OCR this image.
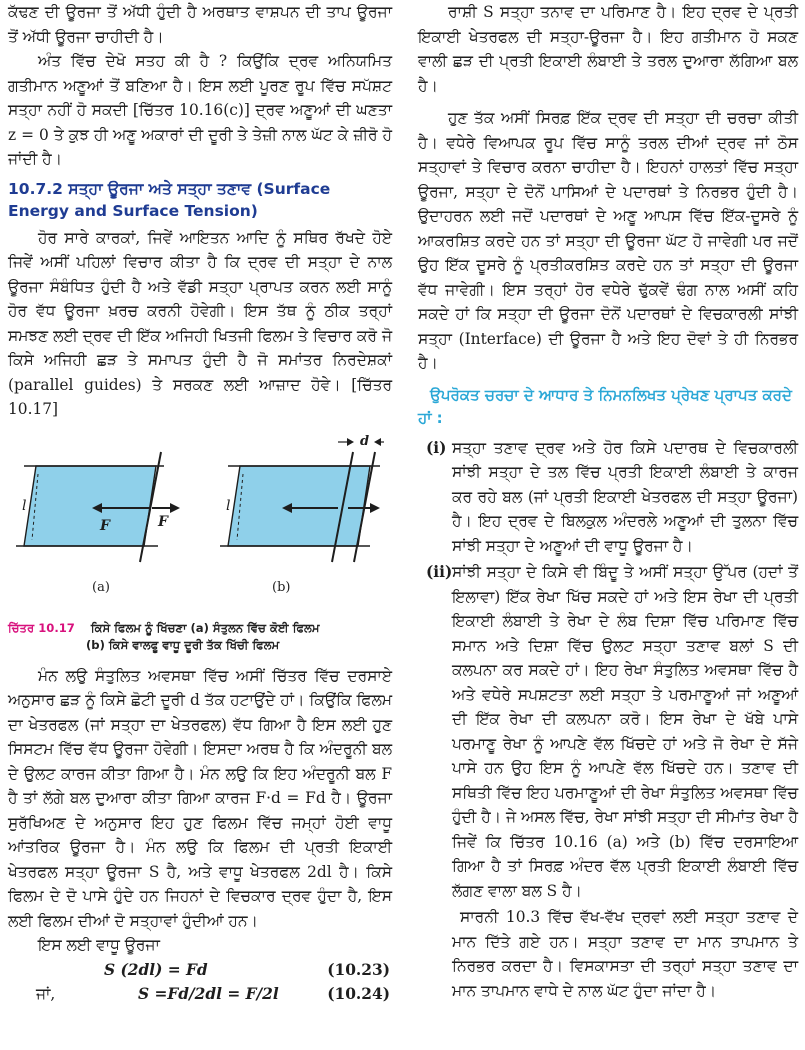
ਕੱਢਣ ਦੀ ਊਰਜਾ ਤੋਂ ਅੱਧੀ ਹੁੰਦੀ ਹੈ ਅਰਥਾਤ ਵਾਸ਼ਪਨ ਦੀ ਤਾਪ ਊਰਜਾ ਤੋਂ ਅੱਧੀ ਊਰਜਾ ਚਾਹੀਦੀ ਹੈ।

ਅੰਤ ਵਿੱਚ ਦੇਖੋ ਸਤਹ ਕੀ ਹੈ ? ਕਿਉਂਕਿ ਦ੍ਰਵ ਅਨਿਯਮਿਤ ਗਤੀਮਾਨ ਅਣੂਆਂ ਤੋਂ ਬਣਿਆ ਹੈ। ਇਸ ਲਈ ਪੂਰਣ ਰੂਪ ਵਿੱਚ ਸਪੱਸ਼ਟ ਸਤ੍ਹਾ ਨਹੀਂ ਹੋ ਸਕਦੀ [ਚਿੱਤਰ 10.16(c)] ਦ੍ਰਵ ਅਣੂਆਂ ਦੀ ਘਣਤਾ z = 0 ਤੇ ਕੁਝ ਹੀ ਅਣੂ ਅਕਾਰਾਂ ਦੀ ਦੂਰੀ ਤੇ ਤੇਜ਼ੀ ਨਾਲ ਘੱਟ ਕੇ ਜ਼ੀਰੋ ਹੋ ਜਾਂਦੀ ਹੈ।

10.7.2 ਸਤ੍ਹਾ ਊਰਜਾ ਅਤੇ ਸਤ੍ਹਾ ਤਣਾਵ (Surface Energy and Surface Tension)

ਹੋਰ ਸਾਰੇ ਕਾਰਕਾਂ, ਜਿਵੇਂ ਆਇਤਨ ਆਦਿ ਨੂੰ ਸਥਿਰ ਰੱਖਦੇ ਹੋਏ ਜਿਵੇਂ ਅਸੀਂ ਪਹਿਲਾਂ ਵਿਚਾਰ ਕੀਤਾ ਹੈ ਕਿ ਦ੍ਰਵ ਦੀ ਸਤ੍ਹਾ ਦੇ ਨਾਲ ਊਰਜਾ ਸੰਬੰਧਿਤ ਹੁੰਦੀ ਹੈ ਅਤੇ ਵੱਡੀ ਸਤ੍ਹਾ ਪ੍ਰਾਪਤ ਕਰਨ ਲਈ ਸਾਨੂੰ ਹੋਰ ਵੱਧ ਊਰਜਾ ਖ਼ਰਚ ਕਰਨੀ ਹੋਵੇਗੀ। ਇਸ ਤੱਥ ਨੂੰ ਠੀਕ ਤਰ੍ਹਾਂ ਸਮਝਣ ਲਈ ਦ੍ਰਵ ਦੀ ਇੱਕ ਅਜਿਹੀ ਖਿਤਜੀ ਫਿਲਮ ਤੇ ਵਿਚਾਰ ਕਰੋ ਜੋ ਕਿਸੇ ਅਜਿਹੀ ਛੜ ਤੇ ਸਮਾਪਤ ਹੁੰਦੀ ਹੈ ਜੋ ਸਮਾਂਤਰ ਨਿਰਦੇਸ਼ਕਾਂ (parallel guides) ਤੇ ਸਰਕਣ ਲਈ ਆਜ਼ਾਦ ਹੋਵੇ। [ਚਿੱਤਰ 10.17]

F	F
l	l
d
(a)	(b)
ਚਿੱਤਰ 10.17 ਕਿਸੇ ਫਿਲਮ ਨੂੰ ਖਿੱਚਣਾ (a) ਸੰਤੁਲਨ ਵਿੱਚ ਕੋਈ ਫਿਲਮ
(b) ਕਿਸੇ ਵਾਲਫੂ ਵਾਧੂ ਦੂਰੀ ਤੱਕ ਖਿੱਚੀ ਫਿਲਮ

ਮੰਨ ਲਉ ਸੰਤੁਲਿਤ ਅਵਸਥਾ ਵਿੱਚ ਅਸੀਂ ਚਿੱਤਰ ਵਿੱਚ ਦਰਸਾਏ ਅਨੁਸਾਰ ਛੜ ਨੂੰ ਕਿਸੇ ਛੋਟੀ ਦੂਰੀ d ਤੱਕ ਹਟਾਉਂਦੇ ਹਾਂ। ਕਿਉਂਕਿ ਫਿਲਮ ਦਾ ਖੇਤਰਫਲ (ਜਾਂ ਸਤ੍ਹਾ ਦਾ ਖੇਤਰਫਲ) ਵੱਧ ਗਿਆ ਹੈ ਇਸ ਲਈ ਹੁਣ ਸਿਸਟਮ ਵਿੱਚ ਵੱਧ ਊਰਜਾ ਹੋਵੇਗੀ। ਇਸਦਾ ਅਰਥ ਹੈ ਕਿ ਅੰਦਰੂਨੀ ਬਲ ਦੇ ਉਲਟ ਕਾਰਜ ਕੀਤਾ ਗਿਆ ਹੈ। ਮੰਨ ਲਉ ਕਿ ਇਹ ਅੰਦਰੂਨੀ ਬਲ F ਹੈ ਤਾਂ ਲੱਗੇ ਬਲ ਦੁਆਰਾ ਕੀਤਾ ਗਿਆ ਕਾਰਜ F·d = Fd ਹੈ। ਊਰਜਾ ਸੁਰੱਖਿਅਣ ਦੇ ਅਨੁਸਾਰ ਇਹ ਹੁਣ ਫਿਲਮ ਵਿੱਚ ਜਮ੍ਹਾਂ ਹੋਈ ਵਾਧੂ ਆਂਤਰਿਕ ਊਰਜਾ ਹੈ। ਮੰਨ ਲਉ ਕਿ ਫਿਲਮ ਦੀ ਪ੍ਰਤੀ ਇਕਾਈ ਖੇਤਰਫਲ ਸਤ੍ਹਾ ਊਰਜਾ S ਹੈ, ਅਤੇ ਵਾਧੂ ਖੇਤਰਫਲ 2dl ਹੈ। ਕਿਸੇ ਫਿਲਮ ਦੇ ਦੋ ਪਾਸੇ ਹੁੰਦੇ ਹਨ ਜਿਹਨਾਂ ਦੇ ਵਿਚਕਾਰ ਦ੍ਰਵ ਹੁੰਦਾ ਹੈ, ਇਸ ਲਈ ਫਿਲਮ ਦੀਆਂ ਦੋ ਸਤ੍ਹਾਵਾਂ ਹੁੰਦੀਆਂ ਹਨ।

ਇਸ ਲਈ ਵਾਧੂ ਊਰਜਾ

S (2dl) = Fd	(10.23)
ਜਾਂ,	S =Fd/2dl = F/2l	(10.24)

ਰਾਸ਼ੀ S ਸਤ੍ਹਾ ਤਨਾਵ ਦਾ ਪਰਿਮਾਣ ਹੈ। ਇਹ ਦ੍ਰਵ ਦੇ ਪ੍ਰਤੀ ਇਕਾਈ ਖੇਤਰਫਲ ਦੀ ਸਤ੍ਹਾ-ਊਰਜਾ ਹੈ। ਇਹ ਗਤੀਮਾਨ ਹੋ ਸਕਣ ਵਾਲੀ ਛੜ ਦੀ ਪ੍ਰਤੀ ਇਕਾਈ ਲੰਬਾਈ ਤੇ ਤਰਲ ਦੁਆਰਾ ਲੱਗਿਆ ਬਲ ਹੈ।

ਹੁਣ ਤੱਕ ਅਸੀਂ ਸਿਰਫ਼ ਇੱਕ ਦ੍ਰਵ ਦੀ ਸਤ੍ਹਾ ਦੀ ਚਰਚਾ ਕੀਤੀ ਹੈ। ਵਧੇਰੇ ਵਿਆਪਕ ਰੂਪ ਵਿੱਚ ਸਾਨੂੰ ਤਰਲ ਦੀਆਂ ਦ੍ਰਵ ਜਾਂ ਠੋਸ ਸਤ੍ਹਾਵਾਂ ਤੇ ਵਿਚਾਰ ਕਰਨਾ ਚਾਹੀਦਾ ਹੈ। ਇਹਨਾਂ ਹਾਲਤਾਂ ਵਿੱਚ ਸਤ੍ਹਾ ਊਰਜਾ, ਸਤ੍ਹਾ ਦੇ ਦੋਨੋਂ ਪਾਸਿਆਂ ਦੇ ਪਦਾਰਥਾਂ ਤੇ ਨਿਰਭਰ ਹੁੰਦੀ ਹੈ। ਉਦਾਹਰਨ ਲਈ ਜਦੋਂ ਪਦਾਰਥਾਂ ਦੇ ਅਣੂ ਆਪਸ ਵਿੱਚ ਇੱਕ-ਦੂਸਰੇ ਨੂੰ ਆਕਰਸ਼ਿਤ ਕਰਦੇ ਹਨ ਤਾਂ ਸਤ੍ਹਾ ਦੀ ਊਰਜਾ ਘੱਟ ਹੋ ਜਾਵੇਗੀ ਪਰ ਜਦੋਂ ਉਹ ਇੱਕ ਦੂਸਰੇ ਨੂੰ ਪ੍ਰਤੀਕਰਸ਼ਿਤ ਕਰਦੇ ਹਨ ਤਾਂ ਸਤ੍ਹਾ ਦੀ ਊਰਜਾ ਵੱਧ ਜਾਵੇਗੀ। ਇਸ ਤਰ੍ਹਾਂ ਹੋਰ ਵਧੇਰੇ ਢੁੱਕਵੇਂ ਢੰਗ ਨਾਲ ਅਸੀਂ ਕਹਿ ਸਕਦੇ ਹਾਂ ਕਿ ਸਤ੍ਹਾ ਦੀ ਊਰਜਾ ਦੋਨੋਂ ਪਦਾਰਥਾਂ ਦੇ ਵਿਚਕਾਰਲੀ ਸਾਂਝੀ ਸਤ੍ਹਾ (Interface) ਦੀ ਊਰਜਾ ਹੈ ਅਤੇ ਇਹ ਦੋਵਾਂ ਤੇ ਹੀ ਨਿਰਭਰ ਹੈ।

ਉਪਰੋਕਤ ਚਰਚਾ ਦੇ ਆਧਾਰ ਤੇ ਨਿਮਨਲਿਖਤ ਪ੍ਰੇਖਣ ਪ੍ਰਾਪਤ ਕਰਦੇ ਹਾਂ :
(i) ਸਤ੍ਹਾ ਤਣਾਵ ਦ੍ਰਵ ਅਤੇ ਹੋਰ ਕਿਸੇ ਪਦਾਰਥ ਦੇ ਵਿਚਕਾਰਲੀ ਸਾਂਝੀ ਸਤ੍ਹਾ ਦੇ ਤਲ ਵਿੱਚ ਪ੍ਰਤੀ ਇਕਾਈ ਲੰਬਾਈ ਤੇ ਕਾਰਜ ਕਰ ਰਹੇ ਬਲ (ਜਾਂ ਪ੍ਰਤੀ ਇਕਾਈ ਖੇਤਰਫਲ ਦੀ ਸਤ੍ਹਾ ਊਰਜਾ) ਹੈ। ਇਹ ਦ੍ਰਵ ਦੇ ਬਿਲਕੁਲ ਅੰਦਰਲੇ ਅਣੂਆਂ ਦੀ ਤੁਲਨਾ ਵਿੱਚ ਸਾਂਝੀ ਸਤ੍ਹਾ ਦੇ ਅਣੂਆਂ ਦੀ ਵਾਧੂ ਊਰਜਾ ਹੈ।

(ii) ਸਾਂਝੀ ਸਤ੍ਹਾ ਦੇ ਕਿਸੇ ਵੀ ਬਿੰਦੂ ਤੇ ਅਸੀਂ ਸਤ੍ਹਾ ਉੱਪਰ (ਹਦਾਂ ਤੋਂ ਇਲਾਵਾ) ਇੱਕ ਰੇਖਾ ਖਿੱਚ ਸਕਦੇ ਹਾਂ ਅਤੇ ਇਸ ਰੇਖਾ ਦੀ ਪ੍ਰਤੀ ਇਕਾਈ ਲੰਬਾਈ ਤੇ ਰੇਖਾ ਦੇ ਲੰਬ ਦਿਸ਼ਾ ਵਿੱਚ ਪਰਿਮਾਣ ਵਿੱਚ ਸਮਾਨ ਅਤੇ ਦਿਸ਼ਾ ਵਿੱਚ ਉਲਟ ਸਤ੍ਹਾ ਤਣਾਵ ਬਲਾਂ S ਦੀ ਕਲਪਨਾ ਕਰ ਸਕਦੇ ਹਾਂ। ਇਹ ਰੇਖਾ ਸੰਤੁਲਿਤ ਅਵਸਥਾ ਵਿੱਚ ਹੈ ਅਤੇ ਵਧੇਰੇ ਸਪਸ਼ਟਤਾ ਲਈ ਸਤ੍ਹਾ ਤੇ ਪਰਮਾਣੂਆਂ ਜਾਂ ਅਣੂਆਂ ਦੀ ਇੱਕ ਰੇਖਾ ਦੀ ਕਲਪਨਾ ਕਰੋ। ਇਸ ਰੇਖਾ ਦੇ ਖੱਬੇ ਪਾਸੇ ਪਰਮਾਣੂ ਰੇਖਾ ਨੂੰ ਆਪਣੇ ਵੱਲ ਖਿੱਚਦੇ ਹਾਂ ਅਤੇ ਜੋ ਰੇਖਾ ਦੇ ਸੱਜੇ ਪਾਸੇ ਹਨ ਉਹ ਇਸ ਨੂੰ ਆਪਣੇ ਵੱਲ ਖਿੱਚਦੇ ਹਨ। ਤਣਾਵ ਦੀ ਸਥਿਤੀ ਵਿੱਚ ਇਹ ਪਰਮਾਣੂਆਂ ਦੀ ਰੇਖਾ ਸੰਤੁਲਿਤ ਅਵਸਥਾ ਵਿੱਚ ਹੁੰਦੀ ਹੈ। ਜੇ ਅਸਲ ਵਿੱਚ, ਰੇਖਾ ਸਾਂਝੀ ਸਤ੍ਹਾ ਦੀ ਸੀਮਾਂਤ ਰੇਖਾ ਹੈ ਜਿਵੇਂ ਕਿ ਚਿੱਤਰ 10.16 (a) ਅਤੇ (b) ਵਿੱਚ ਦਰਸਾਇਆ ਗਿਆ ਹੈ ਤਾਂ ਸਿਰਫ਼ ਅੰਦਰ ਵੱਲ ਪ੍ਰਤੀ ਇਕਾਈ ਲੰਬਾਈ ਵਿੱਚ ਲੱਗਣ ਵਾਲਾ ਬਲ S ਹੈ।

ਸਾਰਨੀ 10.3 ਵਿੱਚ ਵੱਖ-ਵੱਖ ਦ੍ਰਵਾਂ ਲਈ ਸਤ੍ਹਾ ਤਣਾਵ ਦੇ ਮਾਨ ਦਿੱਤੇ ਗਏ ਹਨ। ਸਤ੍ਹਾ ਤਣਾਵ ਦਾ ਮਾਨ ਤਾਪਮਾਨ ਤੇ ਨਿਰਭਰ ਕਰਦਾ ਹੈ। ਵਿਸਕਾਸਤਾ ਦੀ ਤਰ੍ਹਾਂ ਸਤ੍ਹਾ ਤਣਾਵ ਦਾ ਮਾਨ ਤਾਪਮਾਨ ਵਾਧੇ ਦੇ ਨਾਲ ਘੱਟ ਹੁੰਦਾ ਜਾਂਦਾ ਹੈ।
